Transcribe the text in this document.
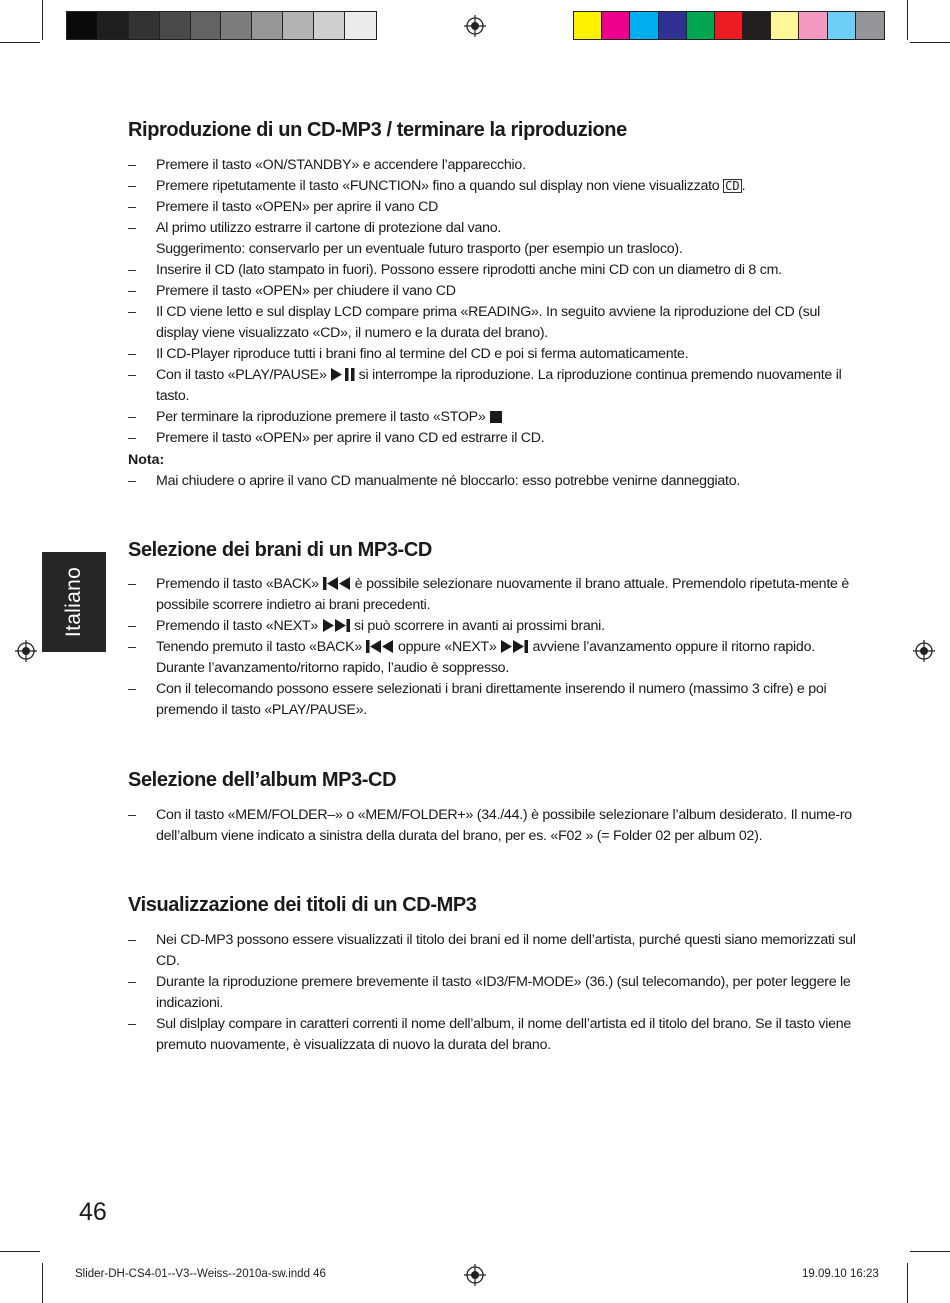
Italiano
Riproduzione di un CD-MP3 / terminare la riproduzione
– Premere il tasto «ON/STANDBY» e accendere l’apparecchio.
– Premere ripetutamente il tasto «FUNCTION» fino a quando sul display non viene visualizzato CD .
– Premere il tasto «OPEN» per aprire il vano CD
– Al primo utilizzo estrarre il cartone di protezione dal vano.
Suggerimento: conservarlo per un eventuale futuro trasporto (per esempio un trasloco).
– Inserire il CD (lato stampato in fuori). Possono essere riprodotti anche mini CD con un diametro di 8 cm.
– Premere il tasto «OPEN» per chiudere il vano CD
– Il CD viene letto e sul display LCD compare prima «READING». In seguito avviene la riproduzione del CD (sul display viene visualizzato «CD», il numero e la durata del brano).
– Il CD-Player riproduce tutti i brani fino al termine del CD e poi si ferma automaticamente.
– Con il tasto «PLAY/PAUSE» si interrompe la riproduzione. La riproduzione continua premendo nuovamente il tasto.
– Per terminare la riproduzione premere il tasto «STOP»
– Premere il tasto «OPEN» per aprire il vano CD ed estrarre il CD.
Nota:
– Mai chiudere o aprire il vano CD manualmente né bloccarlo: esso potrebbe venirne danneggiato.
Selezione dei brani di un MP3-CD
– Premendo il tasto «BACK»	è possibile selezionare nuovamente il brano attuale. Premendolo ripetuta-mente è possibile scorrere indietro ai brani precedenti.
– Premendo il tasto «NEXT»	si può scorrere in avanti ai prossimi brani.
– Tenendo premuto il tasto «BACK»	oppure «NEXT»	avviene l’avanzamento oppure il ritorno rapido. Durante l’avanzamento/ritorno rapido, l’audio è soppresso.
– Con il telecomando possono essere selezionati i brani direttamente inserendo il numero (massimo 3 cifre) e poi premendo il tasto «PLAY/PAUSE».
Selezione dell’album MP3-CD
– Con il tasto «MEM/FOLDER–» o «MEM/FOLDER+» (34./44.) è possibile selezionare l’album desiderato. Il nume-ro dell’album viene indicato a sinistra della durata del brano, per es. «F02 » (= Folder 02 per album 02).
Visualizzazione dei titoli di un CD-MP3
– Nei CD-MP3 possono essere visualizzati il titolo dei brani ed il nome dell’artista, purché questi siano memorizzati sul CD.
– Durante la riproduzione premere brevemente il tasto «ID3/FM-MODE» (36.) (sul telecomando), per poter leggere le indicazioni.
– Sul dislplay compare in caratteri correnti il nome dell’album, il nome dell’artista ed il titolo del brano. Se il tasto viene premuto nuovamente, è visualizzata di nuovo la durata del brano.
46
Slider-DH-CS4-01--V3--Weiss--2010a-sw.indd 46	19.09.10 16:23
